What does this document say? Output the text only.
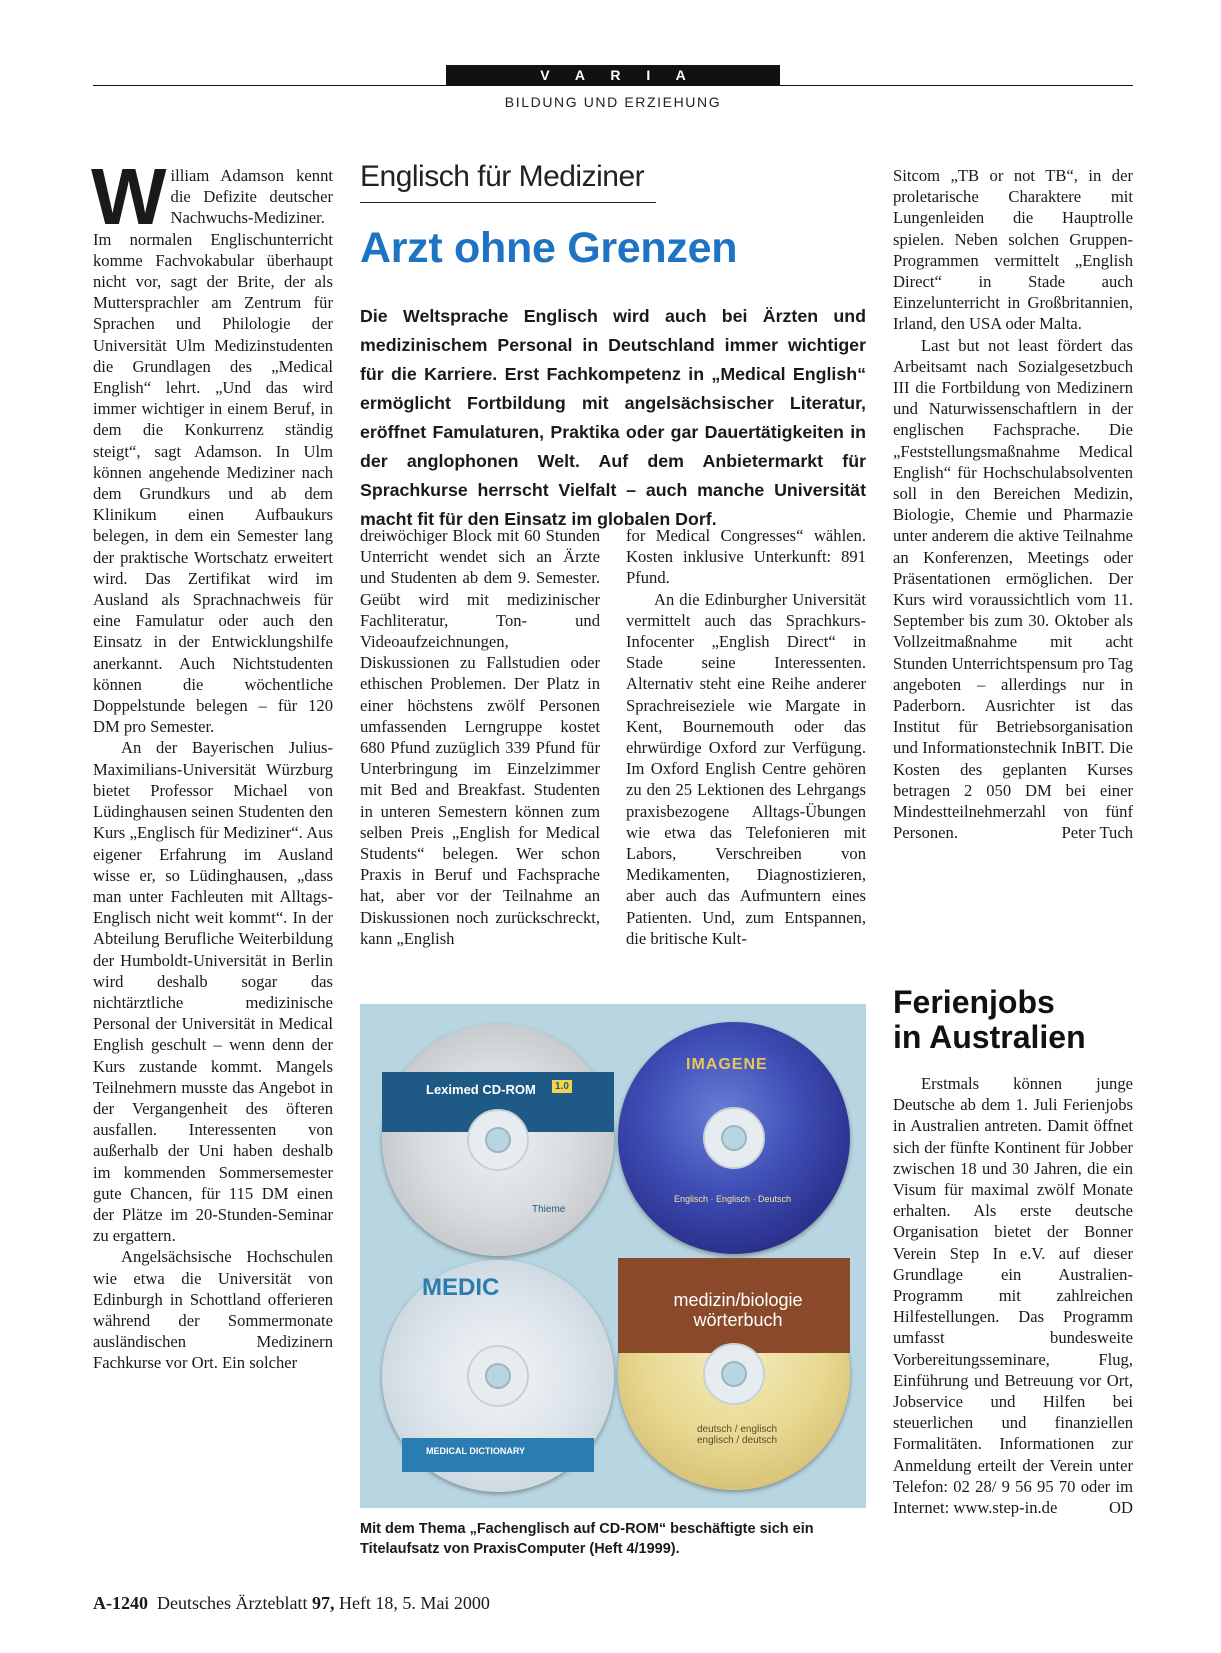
V A R I A
BILDUNG UND ERZIEHUNG

William Adamson kennt die Defizite deutscher Nachwuchs-Mediziner. Im normalen Englischunterricht komme Fachvokabular überhaupt nicht vor, sagt der Brite, der als Muttersprachler am Zentrum für Sprachen und Philologie der Universität Ulm Medizinstudenten die Grundlagen des „Medical English“ lehrt. „Und das wird immer wichtiger in einem Beruf, in dem die Konkurrenz ständig steigt“, sagt Adamson. In Ulm können angehende Mediziner nach dem Grundkurs und ab dem Klinikum einen Aufbaukurs belegen, in dem ein Semester lang der praktische Wortschatz erweitert wird. Das Zertifikat wird im Ausland als Sprachnachweis für eine Famulatur oder auch den Einsatz in der Entwicklungshilfe anerkannt. Auch Nichtstudenten können die wöchentliche Doppelstunde belegen – für 120 DM pro Semester.

An der Bayerischen Julius-Maximilians-Universität Würzburg bietet Professor Michael von Lüdinghausen seinen Studenten den Kurs „Englisch für Mediziner“. Aus eigener Erfahrung im Ausland wisse er, so Lüdinghausen, „dass man unter Fachleuten mit Alltags-Englisch nicht weit kommt“. In der Abteilung Berufliche Weiterbildung der Humboldt-Universität in Berlin wird deshalb sogar das nichtärztliche medizinische Personal der Universität in Medical English geschult – wenn denn der Kurs zustande kommt. Mangels Teilnehmern musste das Angebot in der Vergangenheit des öfteren ausfallen. Interessenten von außerhalb der Uni haben deshalb im kommenden Sommersemester gute Chancen, für 115 DM einen der Plätze im 20-Stunden-Seminar zu ergattern.

Angelsächsische Hochschulen wie etwa die Universität von Edinburgh in Schottland offerieren während der Sommermonate ausländischen Medizinern Fachkurse vor Ort. Ein solcher

Englisch für Mediziner
Arzt ohne Grenzen
Die Weltsprache Englisch wird auch bei Ärzten und medizinischem Personal in Deutschland immer wichtiger für die Karriere. Erst Fachkompetenz in „Medical English“ ermöglicht Fortbildung mit angelsächsischer Literatur, eröffnet Famulaturen, Praktika oder gar Dauertätigkeiten in der anglophonen Welt. Auf dem Anbietermarkt für Sprachkurse herrscht Vielfalt – auch manche Universität macht fit für den Einsatz im globalen Dorf.

dreiwöchiger Block mit 60 Stunden Unterricht wendet sich an Ärzte und Studenten ab dem 9. Semester. Geübt wird mit medizinischer Fachliteratur, Ton- und Videoaufzeichnungen, Diskussionen zu Fallstudien oder ethischen Problemen. Der Platz in einer höchstens zwölf Personen umfassenden Lerngruppe kostet 680 Pfund zuzüglich 339 Pfund für Unterbringung im Einzelzimmer mit Bed and Breakfast. Studenten in unteren Semestern können zum selben Preis „English for Medical Students“ belegen. Wer schon Praxis in Beruf und Fachsprache hat, aber vor der Teilnahme an Diskussionen noch zurückschreckt, kann „English

for Medical Congresses“ wählen. Kosten inklusive Unterkunft: 891 Pfund.

An die Edinburgher Universität vermittelt auch das Sprachkurs-Infocenter „English Direct“ in Stade seine Interessenten. Alternativ steht eine Reihe anderer Sprachreiseziele wie Margate in Kent, Bournemouth oder das ehrwürdige Oxford zur Verfügung. Im Oxford English Centre gehören zu den 25 Lektionen des Lehrgangs praxisbezogene Alltags-Übungen wie etwa das Telefonieren mit Labors, Verschreiben von Medikamenten, Diagnostizieren, aber auch das Aufmuntern eines Patienten. Und, zum Entspannen, die britische Kult-

Sitcom „TB or not TB“, in der proletarische Charaktere mit Lungenleiden die Hauptrolle spielen. Neben solchen Gruppen-Programmen vermittelt „English Direct“ in Stade auch Einzelunterricht in Großbritannien, Irland, den USA oder Malta.

Last but not least fördert das Arbeitsamt nach Sozialgesetzbuch III die Fortbildung von Medizinern und Naturwissenschaftlern in der englischen Fachsprache. Die „Feststellungsmaßnahme Medical English“ für Hochschulabsolventen soll in den Bereichen Medizin, Biologie, Chemie und Pharmazie unter anderem die aktive Teilnahme an Konferenzen, Meetings oder Präsentationen ermöglichen. Der Kurs wird voraussichtlich vom 11. September bis zum 30. Oktober als Vollzeitmaßnahme mit acht Stunden Unterrichtspensum pro Tag angeboten – allerdings nur in Paderborn. Ausrichter ist das Institut für Betriebsorganisation und Informationstechnik InBIT. Die Kosten des geplanten Kurses betragen 2 050 DM bei einer Mindestteilnehmerzahl von fünf Personen.	Peter Tuch

Leximed CD-ROM	1.0
Thieme
IMAGENE
Englisch · Englisch · Deutsch
MEDIC
MEDICAL DICTIONARY
medizin/biologie wörterbuch
deutsch / englisch englisch / deutsch
Mit dem Thema „Fachenglisch auf CD-ROM“ beschäftigte sich ein Titelaufsatz von PraxisComputer (Heft 4/1999).
Ferienjobs
in Australien

Erstmals können junge Deutsche ab dem 1. Juli Ferienjobs in Australien antreten. Damit öffnet sich der fünfte Kontinent für Jobber zwischen 18 und 30 Jahren, die ein Visum für maximal zwölf Monate erhalten. Als erste deutsche Organisation bietet der Bonner Verein Step In e.V. auf dieser Grundlage ein Australien-Programm mit zahlreichen Hilfestellungen. Das Programm umfasst bundesweite Vorbereitungsseminare, Flug, Einführung und Betreuung vor Ort, Jobservice und Hilfen bei steuerlichen und finanziellen Formalitäten. Informationen zur Anmeldung erteilt der Verein unter Telefon: 02 28/ 9 56 95 70 oder im Internet: www.step-in.de	OD

A-1240 Deutsches Ärzteblatt 97, Heft 18, 5. Mai 2000
